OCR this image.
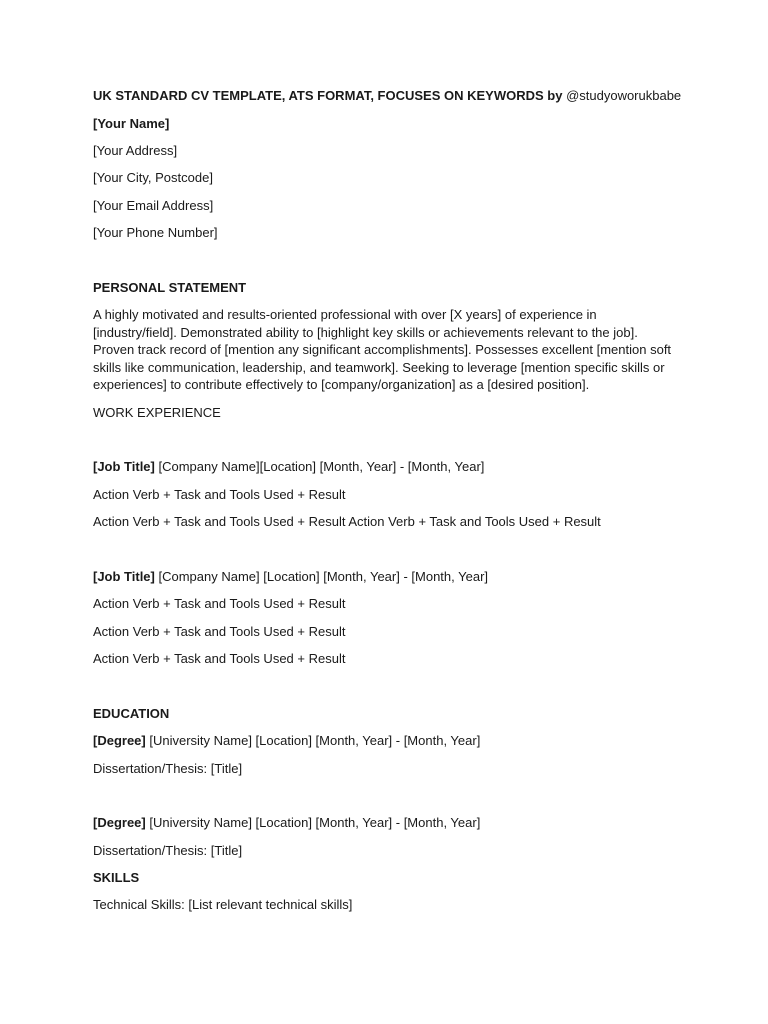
UK STANDARD CV TEMPLATE, ATS FORMAT, FOCUSES ON KEYWORDS by @studyoworukbabe

[Your Name]

[Your Address]

[Your City, Postcode]

[Your Email Address]

[Your Phone Number]

PERSONAL STATEMENT

A highly motivated and results-oriented professional with over [X years] of experience in [industry/field]. Demonstrated ability to [highlight key skills or achievements relevant to the job]. Proven track record of [mention any significant accomplishments]. Possesses excellent [mention soft skills like communication, leadership, and teamwork]. Seeking to leverage [mention specific skills or experiences] to contribute effectively to [company/organization] as a [desired position].

WORK EXPERIENCE

[Job Title] [Company Name][Location] [Month, Year] - [Month, Year]

Action Verb + Task and Tools Used + Result

Action Verb + Task and Tools Used + Result Action Verb + Task and Tools Used + Result

[Job Title] [Company Name] [Location] [Month, Year] - [Month, Year]

Action Verb + Task and Tools Used + Result

Action Verb + Task and Tools Used + Result

Action Verb + Task and Tools Used + Result

EDUCATION

[Degree] [University Name] [Location] [Month, Year] - [Month, Year]

Dissertation/Thesis: [Title]

[Degree] [University Name] [Location] [Month, Year] - [Month, Year]

Dissertation/Thesis: [Title]

SKILLS

Technical Skills: [List relevant technical skills]
